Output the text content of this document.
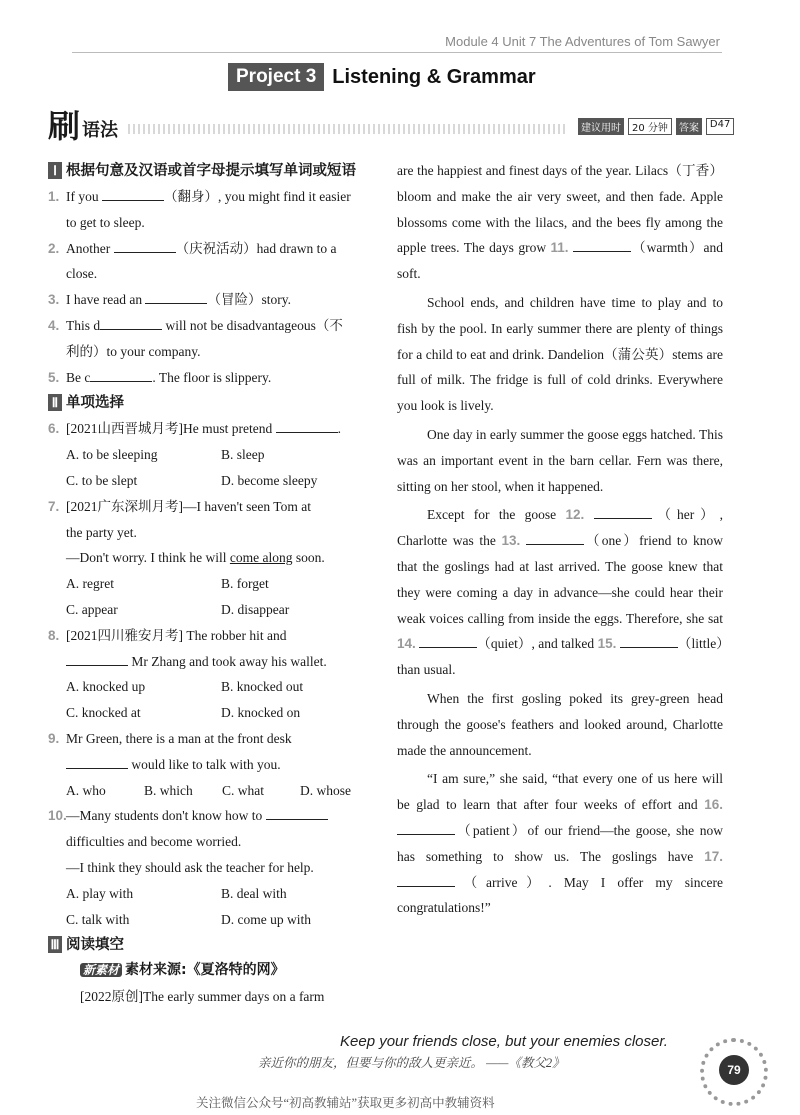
Module 4 Unit 7 The Adventures of Tom Sawyer
Project 3 Listening & Grammar
刷 语法	建议用时	20 分钟	答案	D47
Ⅰ 根据句意及汉语或首字母提示填写单词或短语
1. If you	（翻身）, you might find it easier
to get to sleep.
2. Another	（庆祝活动）had drawn to a
close.
3. I have read an	（冒险）story.
4. This d	will not be disadvantageous（不
利的）to your company.
5. Be c	. The floor is slippery.
Ⅱ 单项选择
6. [2021山西晋城月考]He must pretend	.
A. to be sleeping	B. sleep
C. to be slept	D. become sleepy
7. [2021广东深圳月考]—I haven't seen Tom at
the party yet.
—Don't worry. I think he will come along soon.
A. regret	B. forget
C. appear	D. disappear
8. [2021四川雅安月考] The robber hit and
Mr Zhang and took away his wallet.
A. knocked up	B. knocked out
C. knocked at	D. knocked on
9. Mr Green, there is a man at the front desk
would like to talk with you.
A. who	B. which	C. what	D. whose
10. —Many students don't know how to
difficulties and become worried.
—I think they should ask the teacher for help.
A. play with	B. deal with
C. talk with	D. come up with
Ⅲ 阅读填空
新素材 素材来源:《夏洛特的网》
[2022原创]The early summer days on a farm

are the happiest and finest days of the year. Lilacs（丁香）bloom and make the air very sweet, and then fade. Apple blossoms come with the lilacs, and the bees fly among the apple trees. The days grow 11.	（warmth）and soft.

School ends, and children have time to play and to fish by the pool. In early summer there are plenty of things for a child to eat and drink. Dandelion（蒲公英）stems are full of milk. The fridge is full of cold drinks. Everywhere you look is lively.

One day in early summer the goose eggs hatched. This was an important event in the barn cellar. Fern was there, sitting on her stool, when it happened.

Except for the goose 12.	（her）, Charlotte was the 13.	（one）friend to know that the goslings had at last arrived. The goose knew that they were coming a day in advance—she could hear their weak voices calling from inside the eggs. Therefore, she sat 14.	（quiet）, and talked 15.	（little）than usual.

When the first gosling poked its grey-green head through the goose's feathers and looked around, Charlotte made the announcement.

“I am sure,” she said, “that every one of us here will be glad to learn that after four weeks of effort and 16. （patient）of our friend—the goose, she now has something to show us. The goslings have 17. （arrive）. May I offer my sincere congratulations!”

Keep your friends close, but your enemies closer.
亲近你的朋友，但要与你的敌人更亲近。 ——《教父2》
关注微信公众号“初高教辅站”获取更多初高中教辅资料
79
